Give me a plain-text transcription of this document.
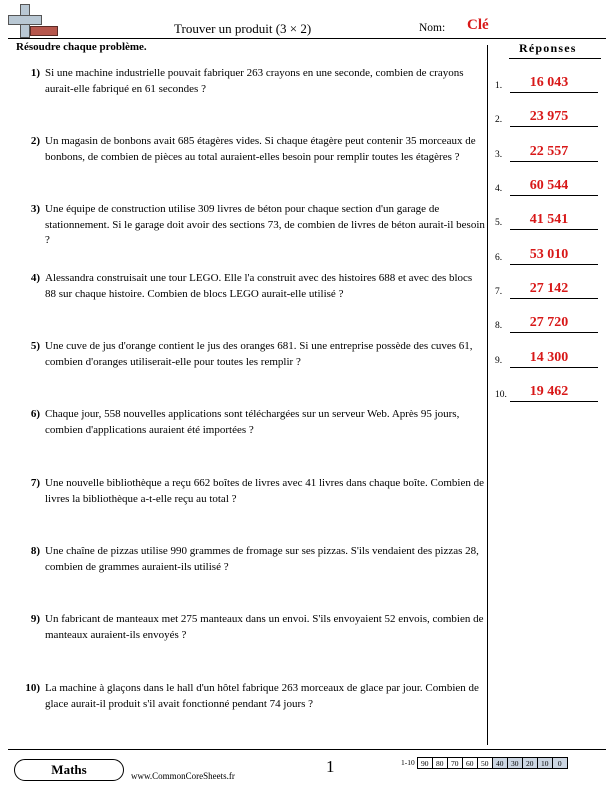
Trouver un produit (3 × 2)	Nom: Clé
Résoudre chaque problème.
1) Si une machine industrielle pouvait fabriquer 263 crayons en une seconde, combien de crayons aurait-elle fabriqué en 61 secondes ?
2) Un magasin de bonbons avait 685 étagères vides. Si chaque étagère peut contenir 35 morceaux de bonbons, de combien de pièces au total auraient-elles besoin pour remplir toutes les étagères ?
3) Une équipe de construction utilise 309 livres de béton pour chaque section d'un garage de stationnement. Si le garage doit avoir des sections 73, de combien de livres de béton aurait-il besoin ?
4) Alessandra construisait une tour LEGO. Elle l'a construit avec des histoires 688 et avec des blocs 88 sur chaque histoire. Combien de blocs LEGO aurait-elle utilisé ?
5) Une cuve de jus d'orange contient le jus des oranges 681. Si une entreprise possède des cuves 61, combien d'oranges utiliserait-elle pour toutes les remplir ?
6) Chaque jour, 558 nouvelles applications sont téléchargées sur un serveur Web. Après 95 jours, combien d'applications auraient été importées ?
7) Une nouvelle bibliothèque a reçu 662 boîtes de livres avec 41 livres dans chaque boîte. Combien de livres la bibliothèque a-t-elle reçu au total ?
8) Une chaîne de pizzas utilise 990 grammes de fromage sur ses pizzas. S'ils vendaient des pizzas 28, combien de grammes auraient-ils utilisé ?
9) Un fabricant de manteaux met 275 manteaux dans un envoi. S'ils envoyaient 52 envois, combien de manteaux auraient-ils envoyés ?
10) La machine à glaçons dans le hall d'un hôtel fabrique 263 morceaux de glace par jour. Combien de glace aurait-il produit s'il avait fonctionné pendant 74 jours ?
Réponses
1.	16 043
2.	23 975
3.	22 557
4.	60 544
5.	41 541
6.	53 010
7.	27 142
8.	27 720
9.	14 300
10.	19 462
Maths	www.CommonCoreSheets.fr	1	1-10 90	80	70	60	50	40	30	20	10	0
